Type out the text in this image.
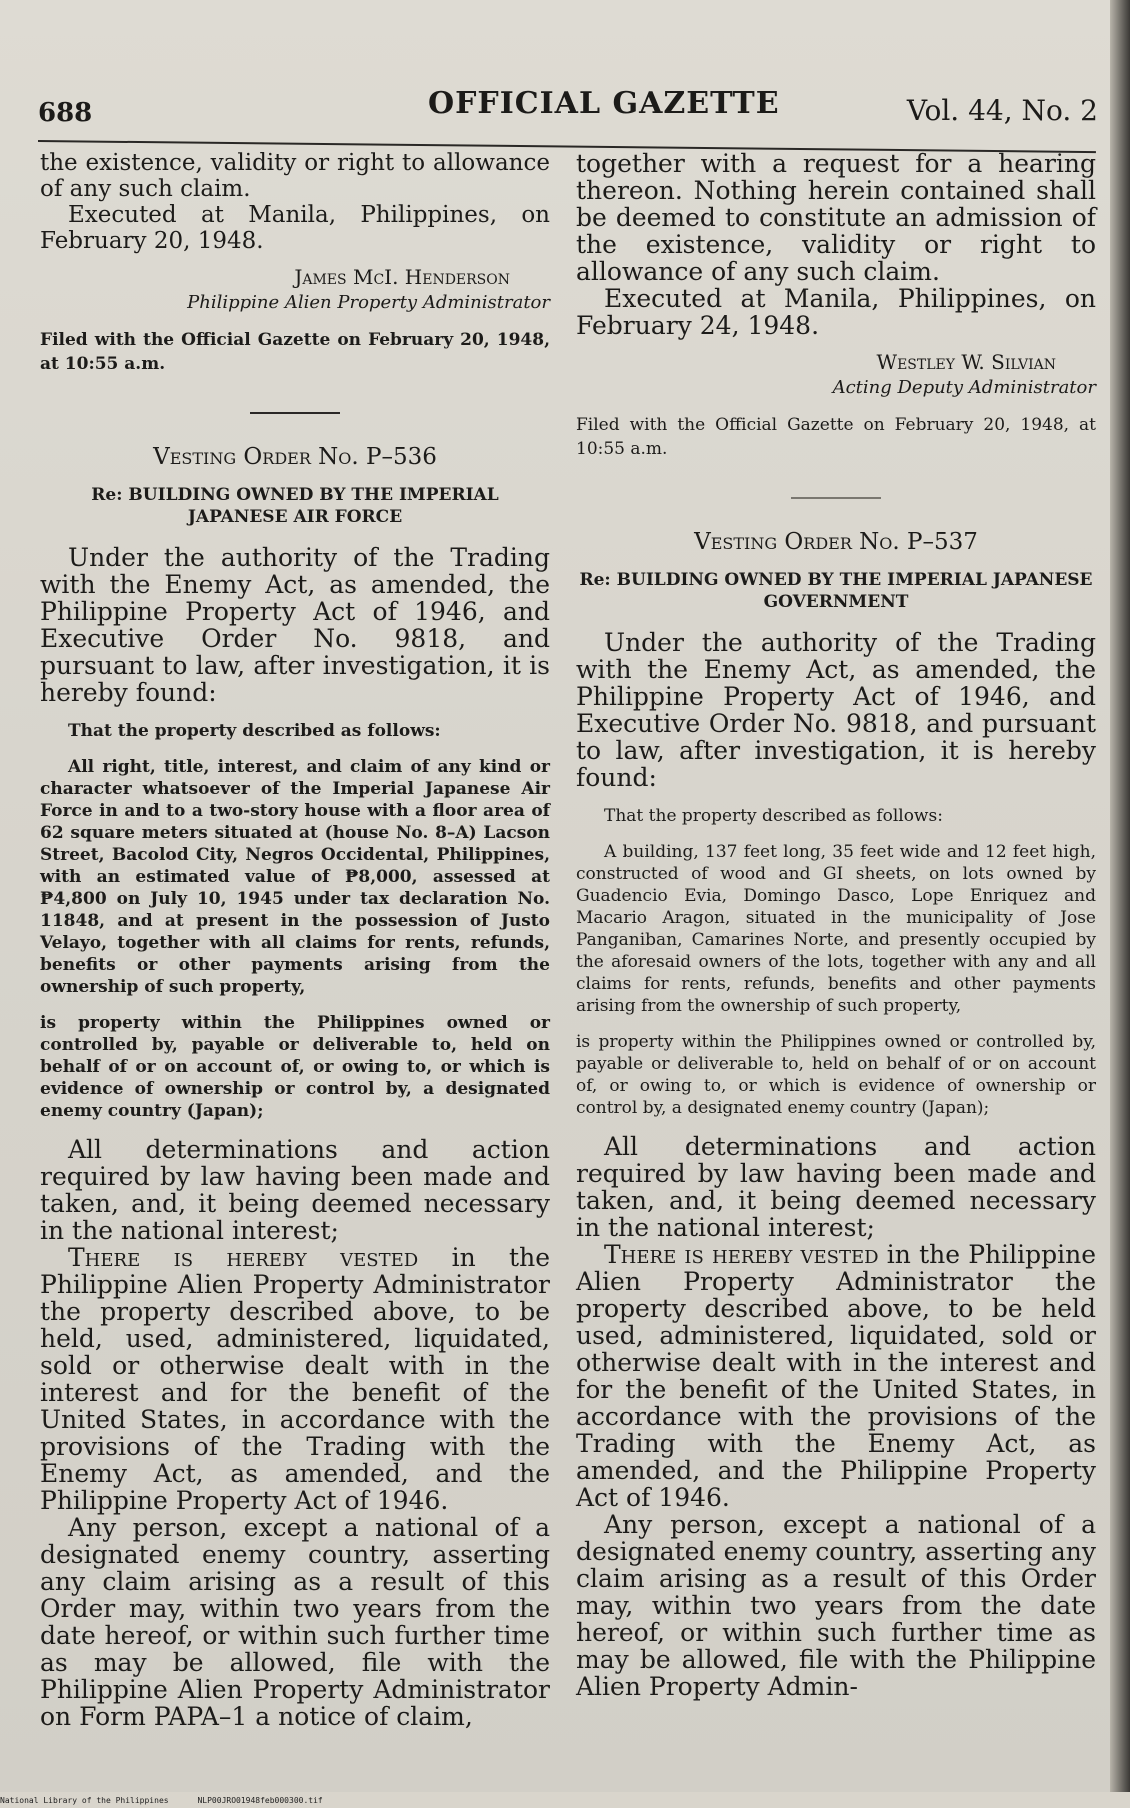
688	OFFICIAL GAZETTE	Vol. 44, No. 2

the existence, validity or right to allowance of any such claim.

Executed at Manila, Philippines, on February 20, 1948.

James McI. Henderson
Philippine Alien Property Administrator

Filed with the Official Gazette on February 20, 1948, at 10:55 a.m.

Vesting Order No. P–536
Re: BUILDING OWNED BY THE IMPERIAL JAPANESE AIR FORCE

Under the authority of the Trading with the Enemy Act, as amended, the Philippine Property Act of 1946, and Executive Order No. 9818, and pursuant to law, after investigation, it is hereby found:

That the property described as follows:

All right, title, interest, and claim of any kind or character whatsoever of the Imperial Japanese Air Force in and to a two-story house with a floor area of 62 square meters situated at (house No. 8–A) Lacson Street, Bacolod City, Negros Occidental, Philippines, with an estimated value of ₱8,000, assessed at ₱4,800 on July 10, 1945 under tax declaration No. 11848, and at present in the possession of Justo Velayo, together with all claims for rents, refunds, benefits or other payments arising from the ownership of such property,

is property within the Philippines owned or controlled by, payable or deliverable to, held on behalf of or on account of, or owing to, or which is evidence of ownership or control by, a designated enemy country (Japan);

All determinations and action required by law having been made and taken, and, it being deemed necessary in the national interest;

There is hereby vested in the Philippine Alien Property Administrator the property described above, to be held, used, administered, liquidated, sold or otherwise dealt with in the interest and for the benefit of the United States, in accordance with the provisions of the Trading with the Enemy Act, as amended, and the Philippine Property Act of 1946.

Any person, except a national of a designated enemy country, asserting any claim arising as a result of this Order may, within two years from the date hereof, or within such further time as may be allowed, file with the Philippine Alien Property Administrator on Form PAPA–1 a notice of claim,

together with a request for a hearing thereon. Nothing herein contained shall be deemed to constitute an admission of the existence, validity or right to allowance of any such claim.

Executed at Manila, Philippines, on February 24, 1948.

Westley W. Silvian
Acting Deputy Administrator

Filed with the Official Gazette on February 20, 1948, at 10:55 a.m.

Vesting Order No. P–537
Re: BUILDING OWNED BY THE IMPERIAL JAPANESE GOVERNMENT

Under the authority of the Trading with the Enemy Act, as amended, the Philippine Property Act of 1946, and Executive Order No. 9818, and pursuant to law, after investigation, it is hereby found:

That the property described as follows:

A building, 137 feet long, 35 feet wide and 12 feet high, constructed of wood and GI sheets, on lots owned by Guadencio Evia, Domingo Dasco, Lope Enriquez and Macario Aragon, situated in the municipality of Jose Panganiban, Camarines Norte, and presently occupied by the aforesaid owners of the lots, together with any and all claims for rents, refunds, benefits and other payments arising from the ownership of such property,

is property within the Philippines owned or controlled by, payable or deliverable to, held on behalf of or on account of, or owing to, or which is evidence of ownership or control by, a designated enemy country (Japan);

All determinations and action required by law having been made and taken, and, it being deemed necessary in the national interest;

There is hereby vested in the Philippine Alien Property Administrator the property described above, to be held used, administered, liquidated, sold or otherwise dealt with in the interest and for the benefit of the United States, in accordance with the provisions of the Trading with the Enemy Act, as amended, and the Philippine Property Act of 1946.

Any person, except a national of a designated enemy country, asserting any claim arising as a result of this Order may, within two years from the date hereof, or within such further time as may be allowed, file with the Philippine Alien Property Admin-

National Library of the Philippines	NLP00JRO01948feb000300.tif
